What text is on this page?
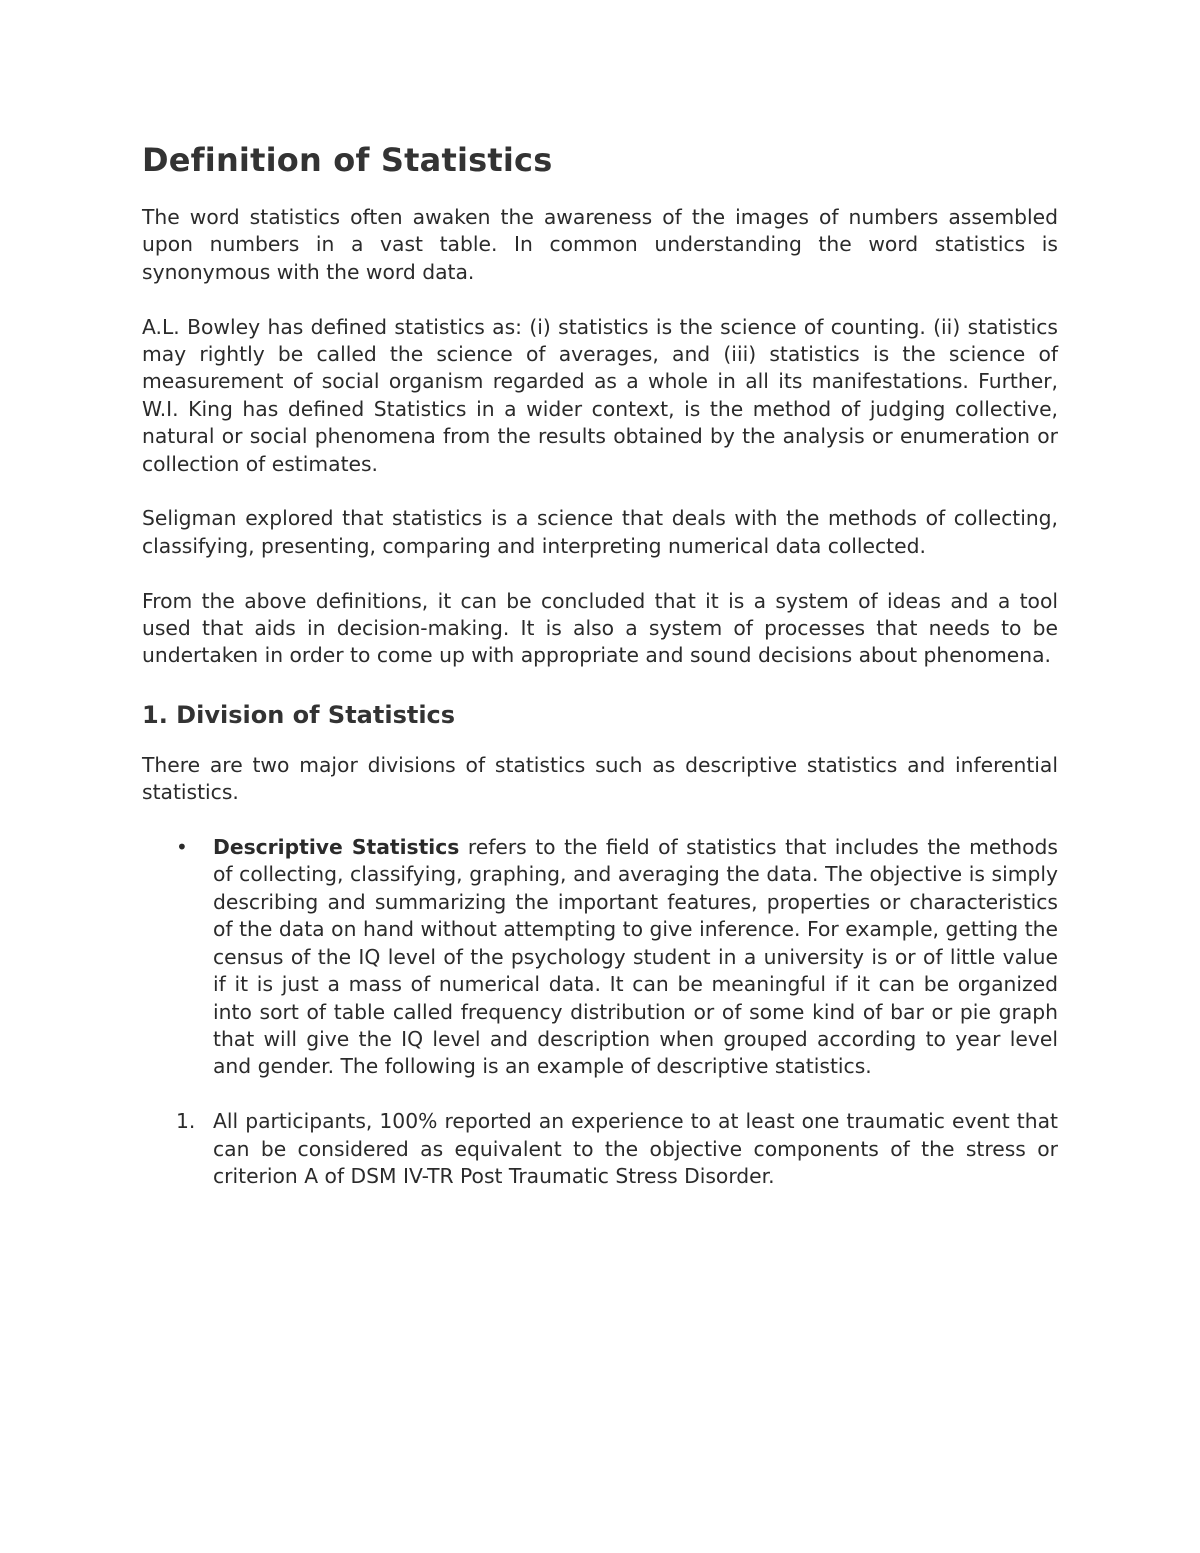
Definition of Statistics

The word statistics often awaken the awareness of the images of numbers assembled upon numbers in a vast table. In common understanding the word statistics is synonymous with the word data.

A.L. Bowley has defined statistics as: (i) statistics is the science of counting. (ii) statistics may rightly be called the science of averages, and (iii) statistics is the science of measurement of social organism regarded as a whole in all its manifestations. Further, W.I. King has defined Statistics in a wider context, is the method of judging collective, natural or social phenomena from the results obtained by the analysis or enumeration or collection of estimates.

Seligman explored that statistics is a science that deals with the methods of collecting, classifying, presenting, comparing and interpreting numerical data collected.

From the above definitions, it can be concluded that it is a system of ideas and a tool used that aids in decision-making. It is also a system of processes that needs to be undertaken in order to come up with appropriate and sound decisions about phenomena.

1. Division of Statistics

There are two major divisions of statistics such as descriptive statistics and inferential statistics.

• Descriptive Statistics refers to the field of statistics that includes the methods of collecting, classifying, graphing, and averaging the data. The objective is simply describing and summarizing the important features, properties or characteristics of the data on hand without attempting to give inference. For example, getting the census of the IQ level of the psychology student in a university is or of little value if it is just a mass of numerical data. It can be meaningful if it can be organized into sort of table called frequency distribution or of some kind of bar or pie graph that will give the IQ level and description when grouped according to year level and gender. The following is an example of descriptive statistics.
1. All participants, 100% reported an experience to at least one traumatic event that can be considered as equivalent to the objective components of the stress or criterion A of DSM IV-TR Post Traumatic Stress Disorder.
